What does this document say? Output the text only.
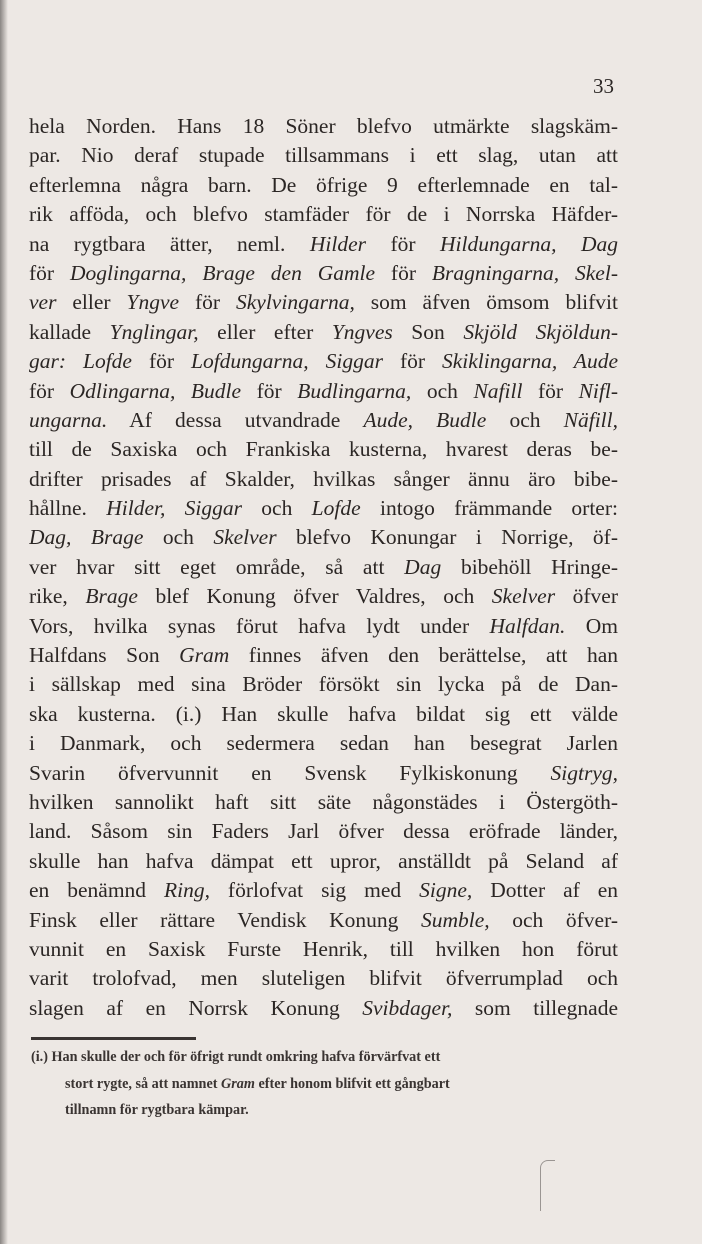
33
hela Norden. Hans 18 Söner blefvo utmärkte slagskäm-
par. Nio deraf stupade tillsammans i ett slag, utan att
efterlemna några barn. De öfrige 9 efterlemnade en tal-
rik afföda, och blefvo stamfäder för de i Norrska Häfder-
na rygtbara ätter, neml. Hilder för Hildungarna, Dag
för Doglingarna, Brage den Gamle för Bragningarna, Skel-
ver eller Yngve för Skylvingarna, som äfven ömsom blifvit
kallade Ynglingar, eller efter Yngves Son Skjöld Skjöldun-
gar: Lofde för Lofdungarna, Siggar för Skiklingarna, Aude
för Odlingarna, Budle för Budlingarna, och Nafill för Nifl-
ungarna. Af dessa utvandrade Aude, Budle och Näfill,
till de Saxiska och Frankiska kusterna, hvarest deras be-
drifter prisades af Skalder, hvilkas sånger ännu äro bibe-
hållne. Hilder, Siggar och Lofde intogo främmande orter:
Dag, Brage och Skelver blefvo Konungar i Norrige, öf-
ver hvar sitt eget område, så att Dag bibehöll Hringe-
rike, Brage blef Konung öfver Valdres, och Skelver öfver
Vors, hvilka synas förut hafva lydt under Halfdan. Om
Halfdans Son Gram finnes äfven den berättelse, att han
i sällskap med sina Bröder försökt sin lycka på de Dan-
ska kusterna. (i.) Han skulle hafva bildat sig ett välde
i Danmark, och sedermera sedan han besegrat Jarlen
Svarin öfvervunnit en Svensk Fylkiskonung Sigtryg,
hvilken sannolikt haft sitt säte någonstädes i Östergöth-
land. Såsom sin Faders Jarl öfver dessa eröfrade länder,
skulle han hafva dämpat ett upror, anställdt på Seland af
en benämnd Ring, förlofvat sig med Signe, Dotter af en
Finsk eller rättare Vendisk Konung Sumble, och öfver-
vunnit en Saxisk Furste Henrik, till hvilken hon förut
varit trolofvad, men sluteligen blifvit öfverrumplad och
slagen af en Norrsk Konung Svibdager, som tillegnade
(i.) Han skulle der och för öfrigt rundt omkring hafva förvärfvat ett
stort rygte, så att namnet Gram efter honom blifvit ett gångbart
tillnamn för rygtbara kämpar.
